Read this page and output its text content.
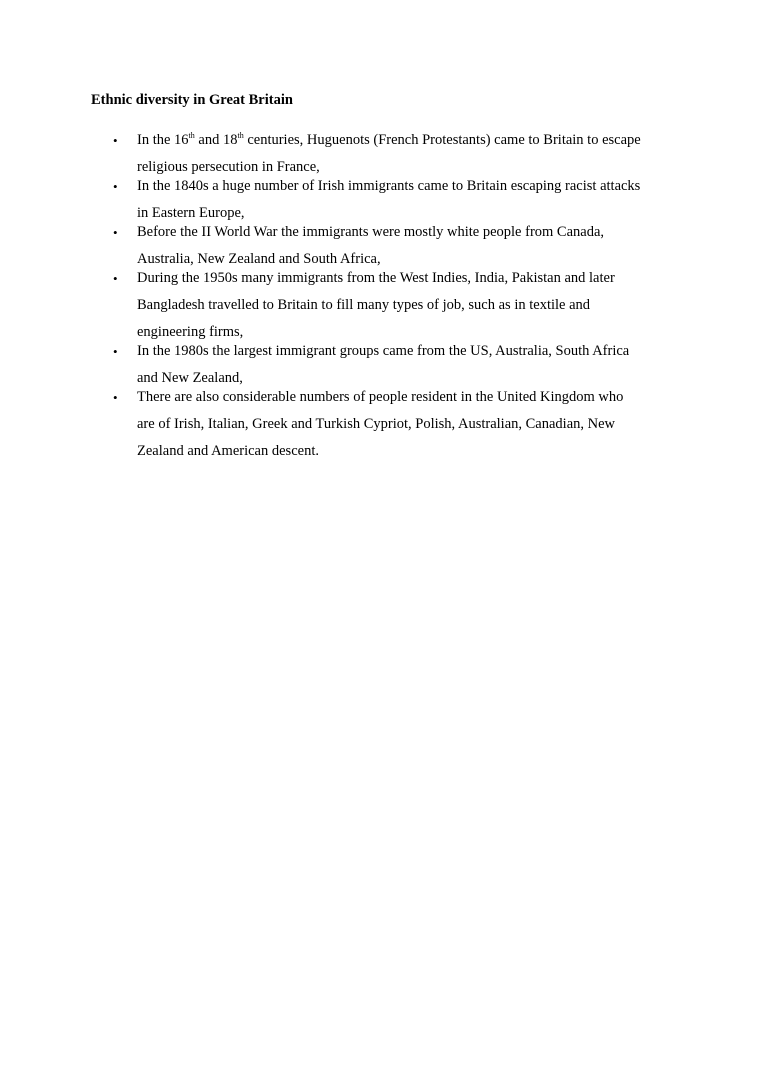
Ethnic diversity in Great Britain
• In the 16th and 18th centuries, Huguenots (French Protestants) came to Britain to escape
religious persecution in France,
• In the 1840s a huge number of Irish immigrants came to Britain escaping racist attacks
in Eastern Europe,
• Before the II World War the immigrants were mostly white people from Canada,
Australia, New Zealand and South Africa,
• During the 1950s many immigrants from the West Indies, India, Pakistan and later
Bangladesh travelled to Britain to fill many types of job, such as in textile and
engineering firms,
• In the 1980s the largest immigrant groups came from the US, Australia, South Africa
and New Zealand,
• There are also considerable numbers of people resident in the United Kingdom who
are of Irish, Italian, Greek and Turkish Cypriot, Polish, Australian, Canadian, New
Zealand and American descent.
